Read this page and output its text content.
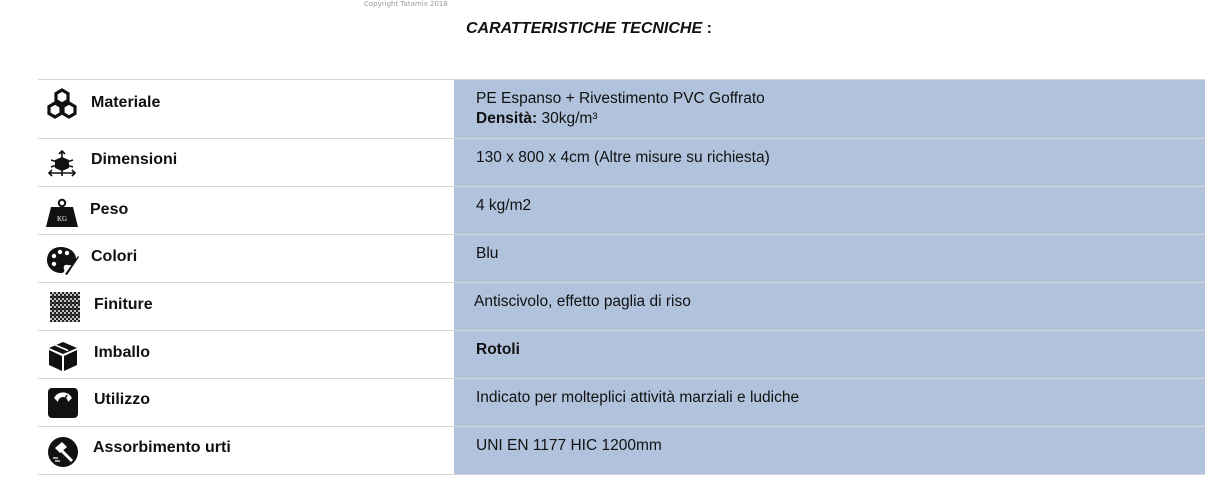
Copyright Tatamix 2018
CARATTERISTICHE TECNICHE :
Materiale	PE Espanso + Rivestimento PVC Goffrato
Densità: 30kg/m³
Dimensioni	130 x 800 x 4cm (Altre misure su richiesta)
KG
Peso	4 kg/m2
Colori	Blu
Finiture	Antiscivolo, effetto paglia di riso
Imballo	Rotoli
Utilizzo	Indicato per molteplici attività marziali e ludiche
Assorbimento urti	UNI EN 1177 HIC 1200mm
